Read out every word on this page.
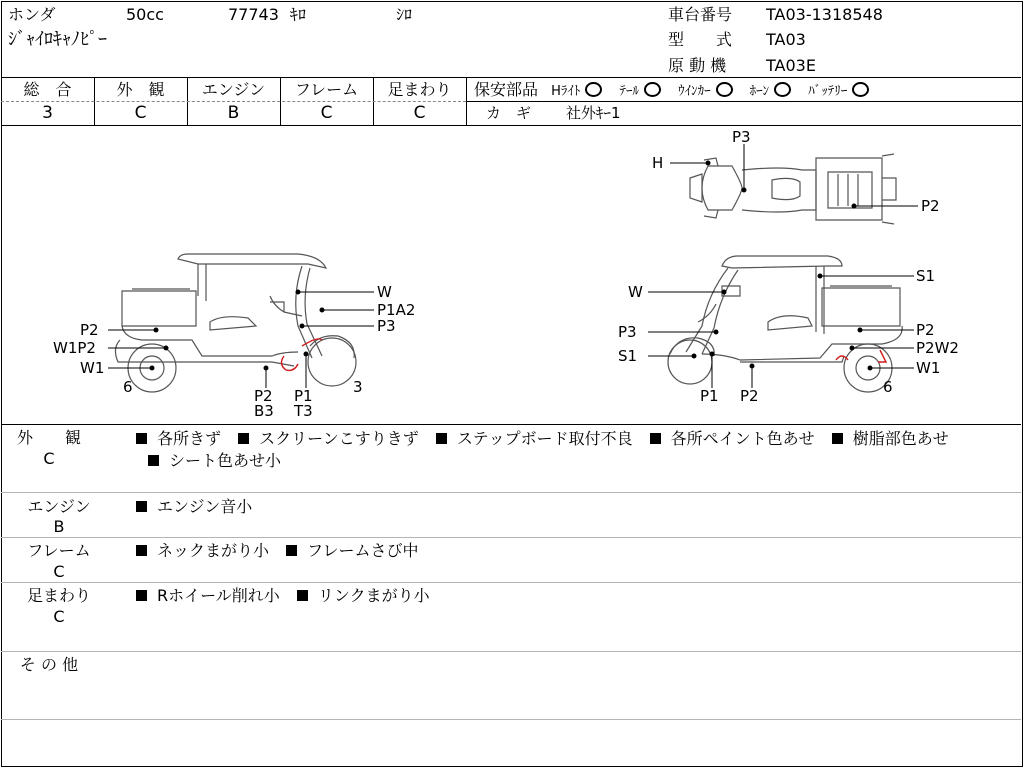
ホンダ	50cc	77743 ｷﾛ	ｼﾛ
ｼﾞｬｲﾛｷｬﾉﾋﾟｰ
車台番号 TA03-1318548
型　　式 TA03
原 動 機 TA03E
総　合
3
外　観
C
エンジン
B
フレーム
C
足まわり
C
保安部品 Hﾗｲﾄ	ﾃｰﾙ	ｳｲﾝｶｰ	ﾎｰﾝ	ﾊﾞｯﾃﾘｰ
カ　ギ 社外ｷｰ1
W
P1A2
P3
P2
W1P2
W1
6	P2
B3
P1
T3
3
S1
W
P3
S1
P1 P2
P2
P2W2
W1
6
P3
H
P2
外　　観
C
各所きず スクリーンこすりきず ステップボード取付不良 各所ペイント色あせ 樹脂部色あせ シート色あせ小
エンジン
B
エンジン音小
フレーム
C
ネックまがり小 フレームさび中
足まわり
C
Rホイール削れ小 リンクまがり小
そ の 他
